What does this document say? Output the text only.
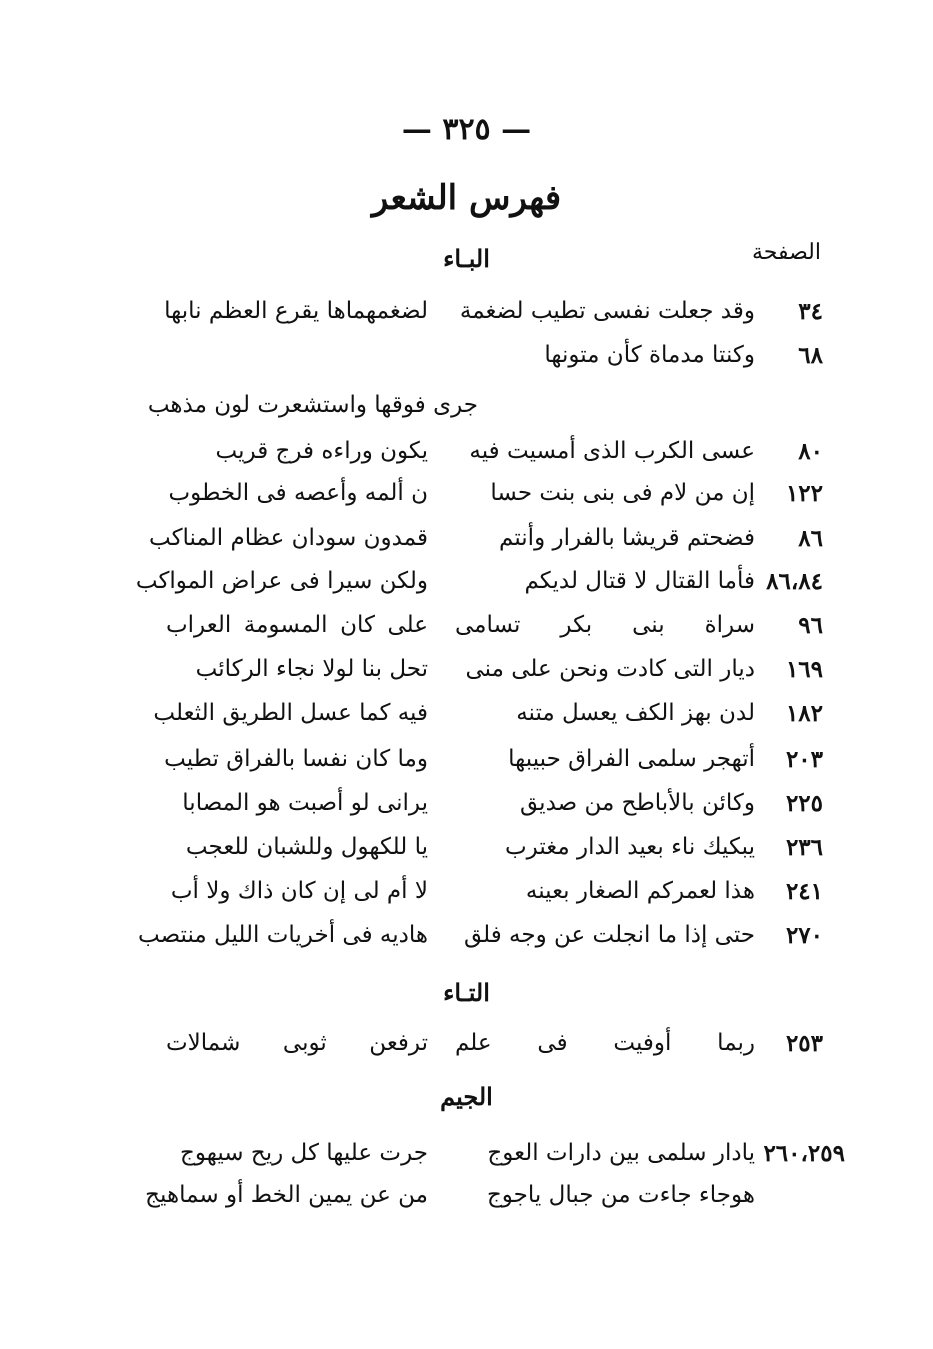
— ٣٢٥ —
فهرس الشعر
الصفحة
البـاء
٣٤
وقد جعلت نفسى تطيب لضغمة
لضغمهماها يقرع العظم نابها
٦٨
وكنتا مدماة كأن متونها
جرى فوقها واستشعرت لون مذهب
٨٠
عسى الكرب الذى أمسيت فيه
يكون وراءه فرج قريب
١٢٢
إن من لام فى بنى بنت حسا
ن ألمه وأعصه فى الخطوب
٨٦
فضحتم قريشا بالفرار وأنتم
قمدون سودان عظام المناكب
٨٦،٨٤
فأما القتال لا قتال لديكم
ولكن سيرا فى عراض المواكب
٩٦
سراة بنى بكر تسامى
على كان المسومة العراب
١٦٩
ديار التى كادت ونحن على منى
تحل بنا لولا نجاء الركائب
١٨٢
لدن بهز الكف يعسل متنه
فيه كما عسل الطريق الثعلب
٢٠٣
أتهجر سلمى الفراق حبيبها
وما كان نفسا بالفراق تطيب
٢٢٥
وكائن بالأباطح من صديق
يرانى لو أصبت هو المصابا
٢٣٦
يبكيك ناء بعيد الدار مغترب
يا للكهول وللشبان للعجب
٢٤١
هذا لعمركم الصغار بعينه
لا أم لى إن كان ذاك ولا أب
٢٧٠
حتى إذا ما انجلت عن وجه فلق
هاديه فى أخريات الليل منتصب
التـاء
٢٥٣
ربما أوفيت فى علم
ترفعن ثوبى شمالات
الجيم
٢٦٠،٢٥٩
يادار سلمى بين دارات العوج
جرت عليها كل ريح سيهوج
هوجاء جاءت من جبال ياجوج
من عن يمين الخط أو سماهيج
